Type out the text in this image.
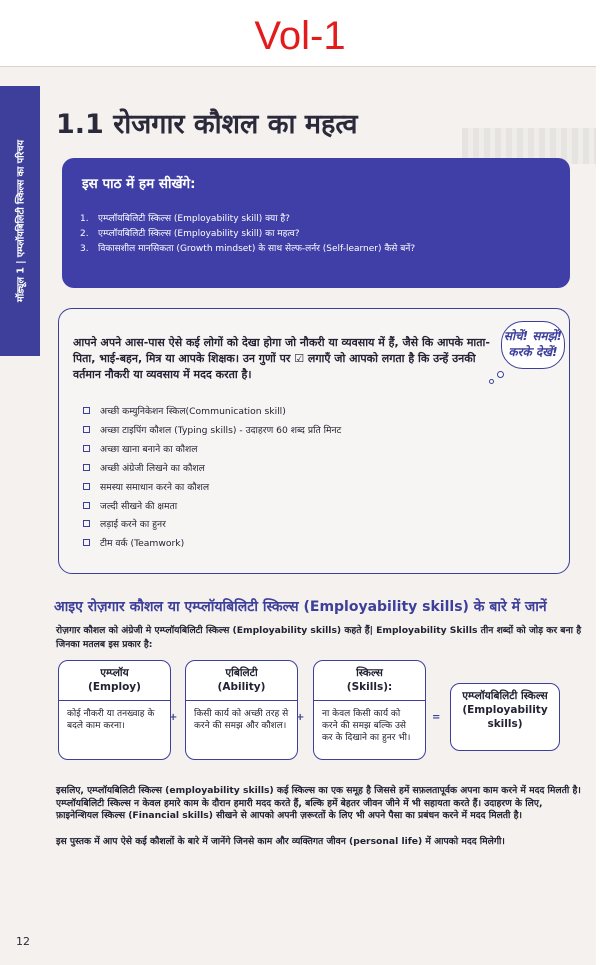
Vol-1
मॉड्यूल 1 | एम्प्लॉयबिलिटी स्किल्स का परिचय
1.1 रोजगार कौशल का महत्व
इस पाठ में हम सीखेंगे:
1. एम्प्लॉयबिलिटी स्किल्स (Employability skill) क्या है?
2. एम्प्लॉयबिलिटी स्किल्स (Employability skill) का महत्व?
3. विकासशील मानसिकता (Growth mindset) के साथ सेल्फ-लर्नर (Self-learner) कैसे बनें?

आपने अपने आस-पास ऐसे कई लोगों को देखा होगा जो नौकरी या व्यवसाय में हैं, जैसे कि आपके माता-पिता, भाई-बहन, मित्र या आपके शिक्षक। उन गुणों पर ☑ लगाएँ जो आपको लगता है कि उन्हें उनकी वर्तमान नौकरी या व्यवसाय में मदद करता है।

सोचें! समझें!
करके देखें!
अच्छी कम्युनिकेशन स्किल(Communication skill)
अच्छा टाइपिंग कौशल (Typing skills) - उदाहरण 60 शब्द प्रति मिनट
अच्छा खाना बनाने का कौशल
अच्छी अंग्रेजी लिखने का कौशल
समस्या समाधान करने का कौशल
जल्दी सीखने की क्षमता
लड़ाई करने का हुनर
टीम वर्क (Teamwork)
आइए रोज़गार कौशल या एम्प्लॉयबिलिटी स्किल्स (Employability skills) के बारे में जानें

रोज़गार कौशल को अंग्रेजी मे एम्प्लॉयबिलिटी स्किल्स (Employability skills) कहते हैं| Employability Skills तीन शब्दों को जोड़ कर बना है जिनका मतलब इस प्रकार है:

एम्प्लॉय
(Employ)
कोई नौकरी या तनख्वाह के बदले काम करना।
+
एबिलिटी
(Ability)
किसी कार्य को अच्छी तरह से करने की समझ और कौशल।
+
स्किल्स
(Skills):
ना केवल किसी कार्य को करने की समझ बल्कि उसे कर के दिखाने का हुनर भी।
=
एम्प्लॉयबिलिटी स्किल्स
(Employability skills)

इसलिए, एम्प्लॉयबिलिटी स्किल्स (employability skills) कई स्किल्स का एक समूह है जिससे हमें सफ़लतापूर्वक अपना काम करने में मदद मिलती है। एम्प्लॉयबिलिटी स्किल्स न केवल हमारे काम के दौरान हमारी मदद करते हैं, बल्कि हमें बेहतर जीवन जीने में भी सहायता करते हैं। उदाहरण के लिए, फ़ाइनेन्शियल स्किल्स (Financial skills) सीखने से आपको अपनी ज़रूरतों के लिए भी अपने पैसा का प्रबंधन करने में मदद मिलती है।

इस पुस्तक में आप ऐसे कई कौशलों के बारे में जानेंगे जिनसे काम और व्यक्तिगत जीवन (personal life) में आपको मदद मिलेगी।

12
